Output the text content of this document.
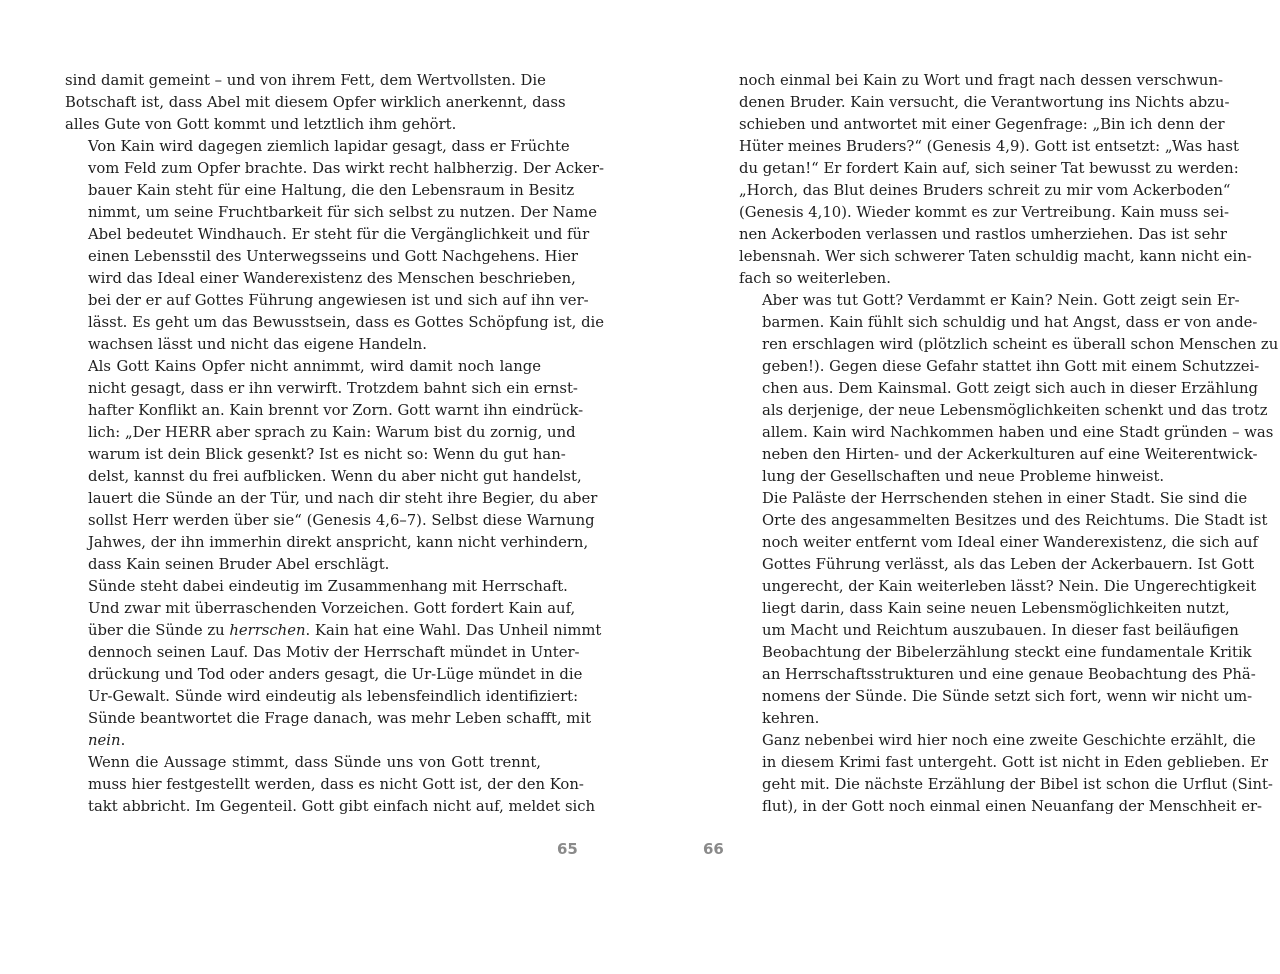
sind damit gemeint – und von ihrem Fett, dem Wertvollsten. Die
Botschaft ist, dass Abel mit diesem Opfer wirklich anerkennt, dass
alles Gute von Gott kommt und letztlich ihm gehört.

Von Kain wird dagegen ziemlich lapidar gesagt, dass er Früchte
vom Feld zum Opfer brachte. Das wirkt recht halbherzig. Der Acker-
bauer Kain steht für eine Haltung, die den Lebensraum in Besitz
nimmt, um seine Fruchtbarkeit für sich selbst zu nutzen. Der Name
Abel bedeutet Windhauch. Er steht für die Vergänglichkeit und für
einen Lebensstil des Unterwegsseins und Gott Nachgehens. Hier
wird das Ideal einer Wanderexistenz des Menschen beschrieben,
bei der er auf Gottes Führung angewiesen ist und sich auf ihn ver-
lässt. Es geht um das Bewusstsein, dass es Gottes Schöpfung ist, die
wachsen lässt und nicht das eigene Handeln.

Als Gott Kains Opfer nicht annimmt, wird damit noch lange
nicht gesagt, dass er ihn verwirft. Trotzdem bahnt sich ein ernst-
hafter Konflikt an. Kain brennt vor Zorn. Gott warnt ihn eindrück-
lich: „Der HERR aber sprach zu Kain: Warum bist du zornig, und
warum ist dein Blick gesenkt? Ist es nicht so: Wenn du gut han-
delst, kannst du frei aufblicken. Wenn du aber nicht gut handelst,
lauert die Sünde an der Tür, und nach dir steht ihre Begier, du aber
sollst Herr werden über sie“ (Genesis 4,6–7). Selbst diese Warnung
Jahwes, der ihn immerhin direkt anspricht, kann nicht verhindern,
dass Kain seinen Bruder Abel erschlägt.

Sünde steht dabei eindeutig im Zusammenhang mit Herrschaft.
Und zwar mit überraschenden Vorzeichen. Gott fordert Kain auf,
über die Sünde zu herrschen. Kain hat eine Wahl. Das Unheil nimmt
dennoch seinen Lauf. Das Motiv der Herrschaft mündet in Unter-
drückung und Tod oder anders gesagt, die Ur-Lüge mündet in die
Ur-Gewalt. Sünde wird eindeutig als lebensfeindlich identifiziert:
Sünde beantwortet die Frage danach, was mehr Leben schafft, mit
nein.

Wenn die Aussage stimmt, dass Sünde uns von Gott trennt,
muss hier festgestellt werden, dass es nicht Gott ist, der den Kon-
takt abbricht. Im Gegenteil. Gott gibt einfach nicht auf, meldet sich

65

noch einmal bei Kain zu Wort und fragt nach dessen verschwun-
denen Bruder. Kain versucht, die Verantwortung ins Nichts abzu-
schieben und antwortet mit einer Gegenfrage: „Bin ich denn der
Hüter meines Bruders?“ (Genesis 4,9). Gott ist entsetzt: „Was hast
du getan!“ Er fordert Kain auf, sich seiner Tat bewusst zu werden:
„Horch, das Blut deines Bruders schreit zu mir vom Ackerboden“
(Genesis 4,10). Wieder kommt es zur Vertreibung. Kain muss sei-
nen Ackerboden verlassen und rastlos umherziehen. Das ist sehr
lebensnah. Wer sich schwerer Taten schuldig macht, kann nicht ein-
fach so weiterleben.

Aber was tut Gott? Verdammt er Kain? Nein. Gott zeigt sein Er-
barmen. Kain fühlt sich schuldig und hat Angst, dass er von ande-
ren erschlagen wird (plötzlich scheint es überall schon Menschen zu
geben!). Gegen diese Gefahr stattet ihn Gott mit einem Schutzzei-
chen aus. Dem Kainsmal. Gott zeigt sich auch in dieser Erzählung
als derjenige, der neue Lebensmöglichkeiten schenkt und das trotz
allem. Kain wird Nachkommen haben und eine Stadt gründen – was
neben den Hirten- und der Ackerkulturen auf eine Weiterentwick-
lung der Gesellschaften und neue Probleme hinweist.

Die Paläste der Herrschenden stehen in einer Stadt. Sie sind die
Orte des angesammelten Besitzes und des Reichtums. Die Stadt ist
noch weiter entfernt vom Ideal einer Wanderexistenz, die sich auf
Gottes Führung verlässt, als das Leben der Ackerbauern. Ist Gott
ungerecht, der Kain weiterleben lässt? Nein. Die Ungerechtigkeit
liegt darin, dass Kain seine neuen Lebensmöglichkeiten nutzt,
um Macht und Reichtum auszubauen. In dieser fast beiläufigen
Beobachtung der Bibelerzählung steckt eine fundamentale Kritik
an Herrschaftsstrukturen und eine genaue Beobachtung des Phä-
nomens der Sünde. Die Sünde setzt sich fort, wenn wir nicht um-
kehren.

Ganz nebenbei wird hier noch eine zweite Geschichte erzählt, die
in diesem Krimi fast untergeht. Gott ist nicht in Eden geblieben. Er
geht mit. Die nächste Erzählung der Bibel ist schon die Urflut (Sint-
flut), in der Gott noch einmal einen Neuanfang der Menschheit er-

66
